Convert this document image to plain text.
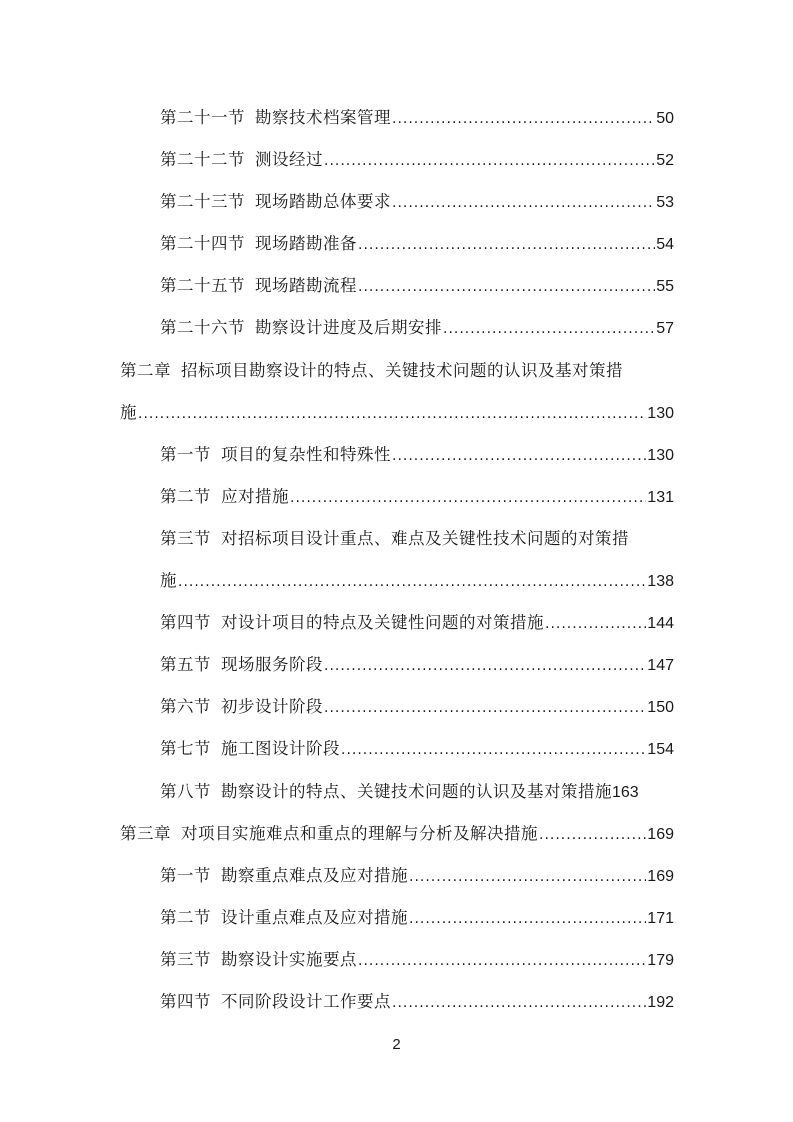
第二十一节 勘察技术档案管理 .....	50
第二十二节 测设经过 .....	52
第二十三节 现场踏勘总体要求 .....	53
第二十四节 现场踏勘准备 .....	54
第二十五节 现场踏勘流程 .....	55
第二十六节 勘察设计进度及后期安排 .....	57
第二章 招标项目勘察设计的特点、关键技术问题的认识及基对策措
施 .....	130
第一节 项目的复杂性和特殊性 .....	130
第二节 应对措施 .....	131
第三节 对招标项目设计重点、难点及关键性技术问题的对策措
施 .....	138
第四节 对设计项目的特点及关键性问题的对策措施 .....	144
第五节 现场服务阶段 .....	147
第六节 初步设计阶段 .....	150
第七节 施工图设计阶段 .....	154
第八节 勘察设计的特点、关键技术问题的认识及基对策措施 163
第三章 对项目实施难点和重点的理解与分析及解决措施 .....	169
第一节 勘察重点难点及应对措施 .....	169
第二节 设计重点难点及应对措施 .....	171
第三节 勘察设计实施要点 .....	179
第四节 不同阶段设计工作要点 .....	192
2
